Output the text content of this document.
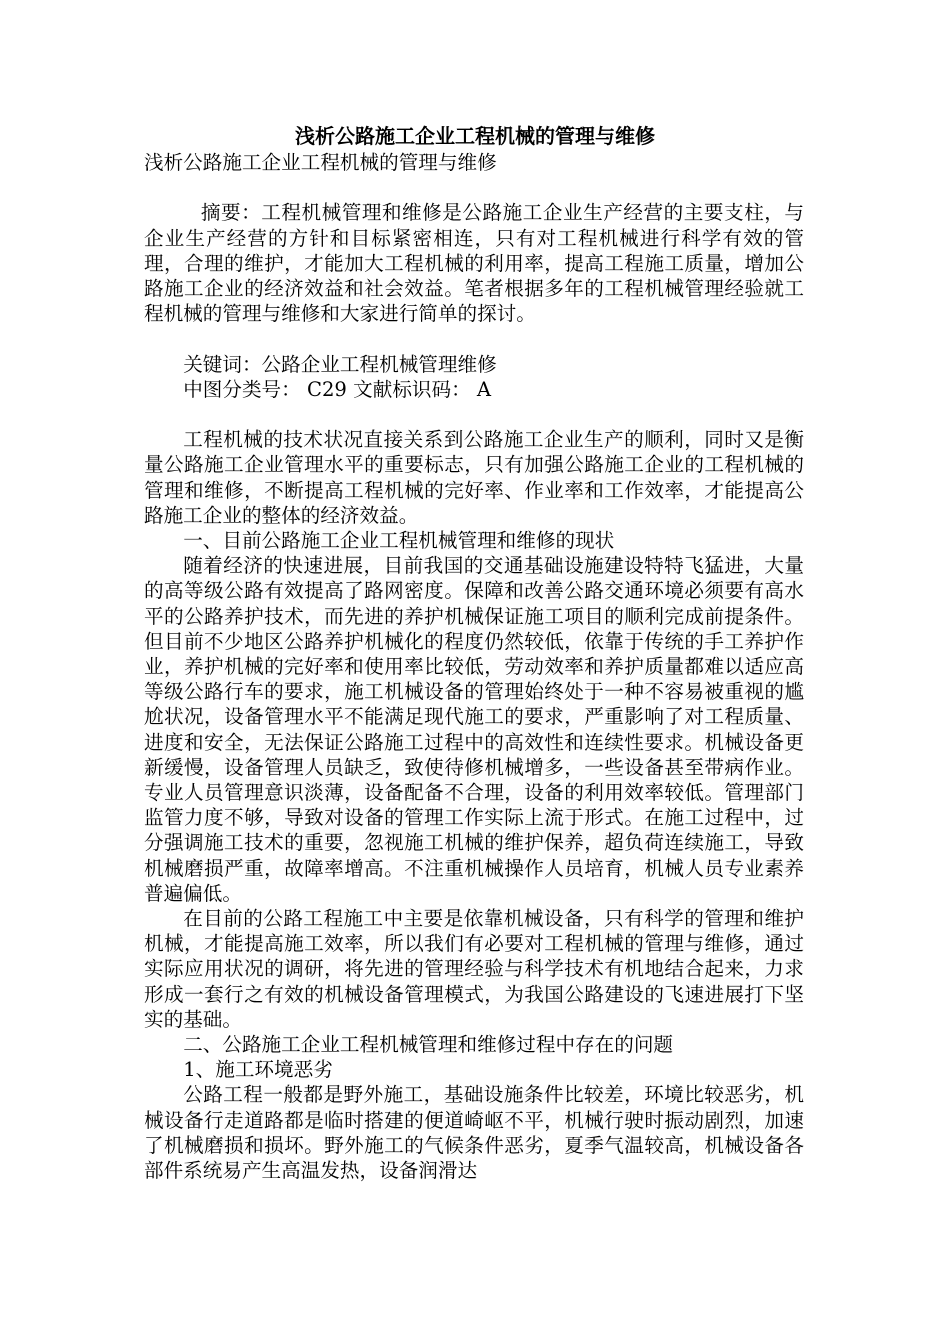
浅析公路施工企业工程机械的管理与维修

浅析公路施工企业工程机械的管理与维修

摘要：工程机械管理和维修是公路施工企业生产经营的主要支柱，与企业生产经营的方针和目标紧密相连，只有对工程机械进行科学有效的管理，合理的维护，才能加大工程机械的利用率，提高工程施工质量，增加公路施工企业的经济效益和社会效益。笔者根据多年的工程机械管理经验就工程机械的管理与维修和大家进行简单的探讨。

关键词：公路企业工程机械管理维修

中图分类号： C29 文献标识码： A

工程机械的技术状况直接关系到公路施工企业生产的顺利，同时又是衡量公路施工企业管理水平的重要标志，只有加强公路施工企业的工程机械的管理和维修，不断提高工程机械的完好率、作业率和工作效率，才能提高公路施工企业的整体的经济效益。

一、目前公路施工企业工程机械管理和维修的现状

随着经济的快速进展，目前我国的交通基础设施建设特特飞猛进，大量的高等级公路有效提高了路网密度。保障和改善公路交通环境必须要有高水平的公路养护技术，而先进的养护机械保证施工项目的顺利完成前提条件。但目前不少地区公路养护机械化的程度仍然较低，依靠于传统的手工养护作业，养护机械的完好率和使用率比较低，劳动效率和养护质量都难以适应高等级公路行车的要求，施工机械设备的管理始终处于一种不容易被重视的尴尬状况，设备管理水平不能满足现代施工的要求，严重影响了对工程质量、进度和安全，无法保证公路施工过程中的高效性和连续性要求。机械设备更新缓慢，设备管理人员缺乏，致使待修机械增多，一些设备甚至带病作业。专业人员管理意识淡薄，设备配备不合理，设备的利用效率较低。管理部门监管力度不够，导致对设备的管理工作实际上流于形式。在施工过程中，过分强调施工技术的重要，忽视施工机械的维护保养，超负荷连续施工，导致机械磨损严重，故障率增高。不注重机械操作人员培育，机械人员专业素养普遍偏低。

在目前的公路工程施工中主要是依靠机械设备，只有科学的管理和维护机械，才能提高施工效率，所以我们有必要对工程机械的管理与维修，通过实际应用状况的调研，将先进的管理经验与科学技术有机地结合起来，力求形成一套行之有效的机械设备管理模式，为我国公路建设的飞速进展打下坚实的基础。

二、公路施工企业工程机械管理和维修过程中存在的问题

1、施工环境恶劣

公路工程一般都是野外施工，基础设施条件比较差，环境比较恶劣，机械设备行走道路都是临时搭建的便道崎岖不平，机械行驶时振动剧烈，加速了机械磨损和损坏。野外施工的气候条件恶劣，夏季气温较高，机械设备各部件系统易产生高温发热，设备润滑达
